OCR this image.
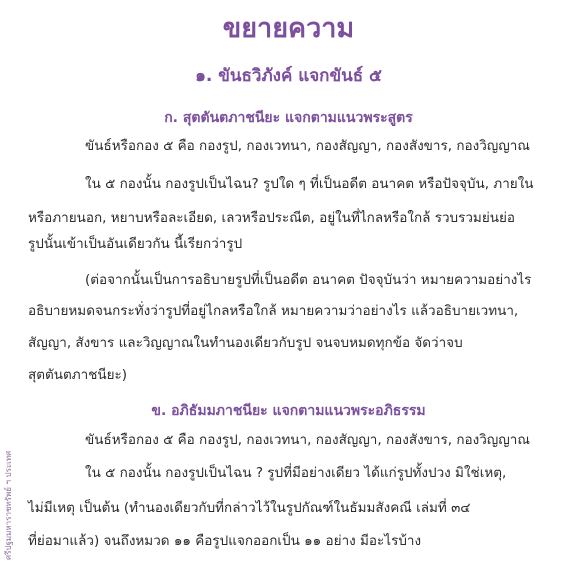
ศรีปฐมมหาราชทรัพย์ ฯ ประเทศ
ขยายความ
๑. ขันธวิภังค์ แจกขันธ์ ๕
ก. สุตตันตภาชนียะ แจกตามแนวพระสูตร
ขันธ์หรือกอง ๕ คือ กองรูป, กองเวทนา, กองสัญญา, กองสังขาร, กองวิญญาณ
ใน ๕ กองนั้น กองรูปเป็นไฉน? รูปใด ๆ ที่เป็นอดีต อนาคต หรือปัจจุบัน, ภายใน
หรือภายนอก, หยาบหรือละเอียด, เลวหรือประณีต, อยู่ในที่ไกลหรือใกล้ รวบรวมย่นย่อ
รูปนั้นเข้าเป็นอันเดียวกัน นี้เรียกว่ารูป
(ต่อจากนั้นเป็นการอธิบายรูปที่เป็นอดีต อนาคต ปัจจุบันว่า หมายความอย่างไร
อธิบายหมดจนกระทั่งว่ารูปที่อยู่ไกลหรือใกล้ หมายความว่าอย่างไร แล้วอธิบายเวทนา,
สัญญา, สังขาร และวิญญาณในทำนองเดียวกับรูป จนจบหมดทุกข้อ จัดว่าจบ
สุตตันตภาชนียะ)
ข. อภิธัมมภาชนียะ แจกตามแนวพระอภิธรรม
ขันธ์หรือกอง ๕ คือ กองรูป, กองเวทนา, กองสัญญา, กองสังขาร, กองวิญญาณ
ใน ๕ กองนั้น กองรูปเป็นไฉน ? รูปที่มีอย่างเดียว ได้แก่รูปทั้งปวง มิใช่เหตุ,
ไม่มีเหตุ เป็นต้น (ทำนองเดียวกับที่กล่าวไว้ในรูปกัณฑ์ในธัมมสังคณี เล่มที่ ๓๔
ที่ย่อมาแล้ว) จนถึงหมวด ๑๑ คือรูปแจกออกเป็น ๑๑ อย่าง มีอะไรบ้าง
